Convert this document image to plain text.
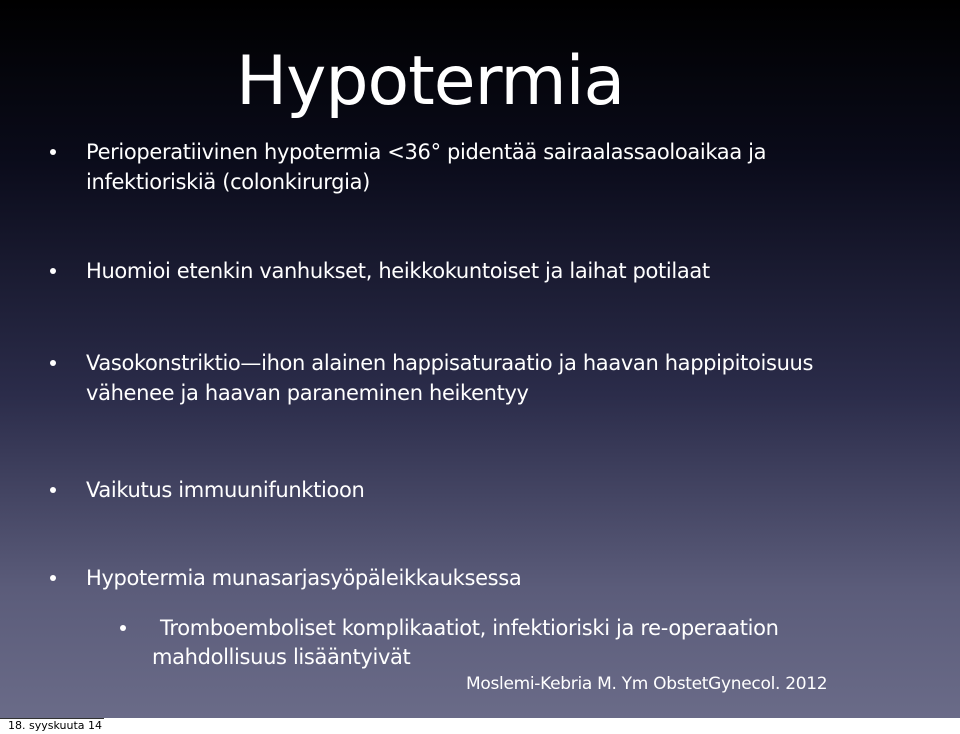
Hypotermia
Perioperatiivinen hypotermia <36° pidentää sairaalassaoloaikaa ja
infektioriskiä (colonkirurgia)
Huomioi etenkin vanhukset, heikkokuntoiset ja laihat potilaat
Vasokonstriktio—ihon alainen happisaturaatio ja haavan happipitoisuus
vähenee ja haavan paraneminen heikentyy
Vaikutus immuunifunktioon
Hypotermia munasarjasyöpäleikkauksessa
Tromboemboliset komplikaatiot, infektioriski ja re-operaation
mahdollisuus lisääntyivät
Moslemi-Kebria M. Ym ObstetGynecol. 2012
18. syyskuuta 14
